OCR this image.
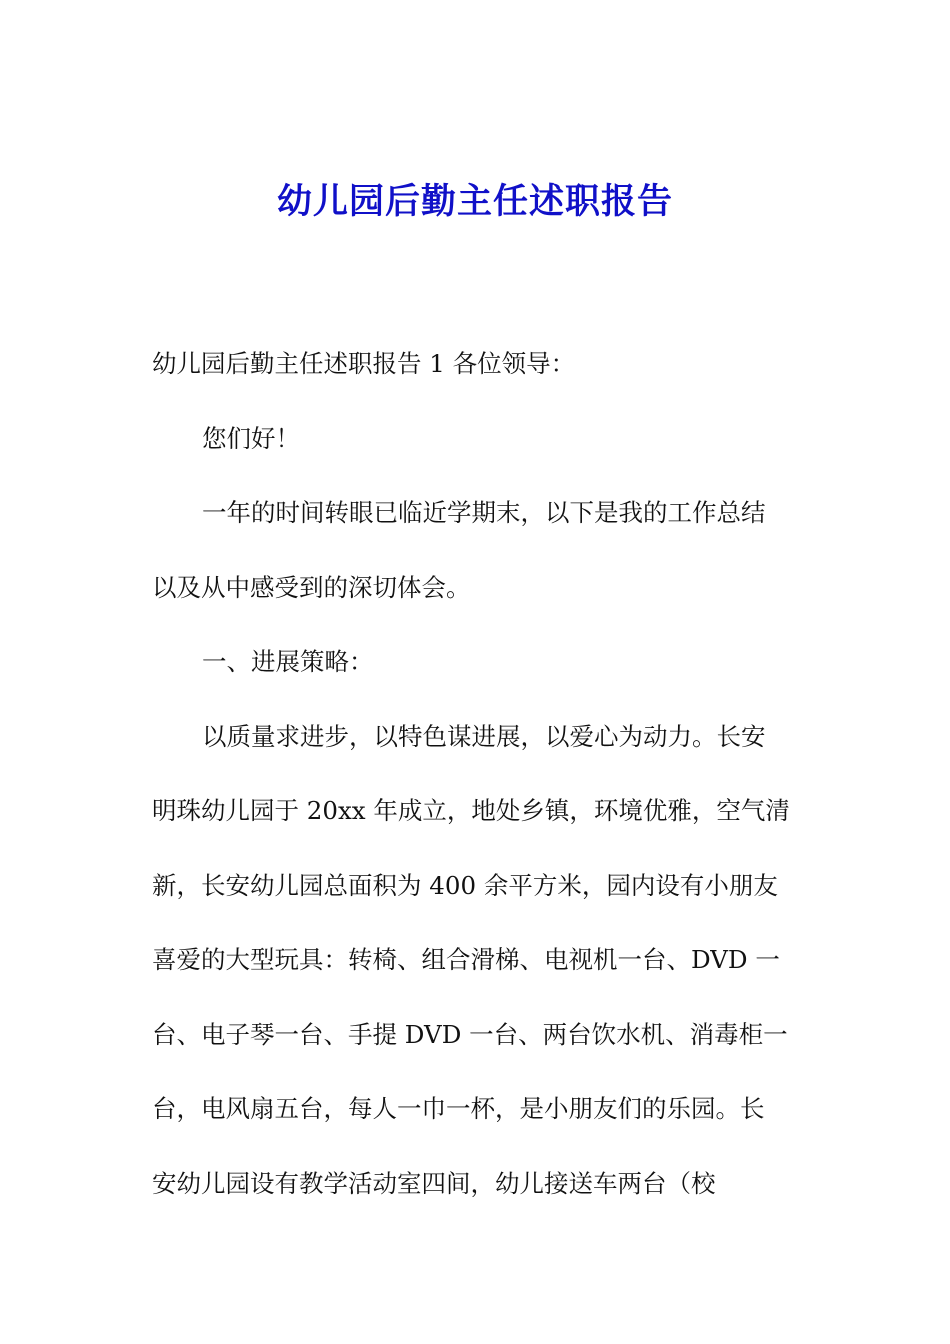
幼儿园后勤主任述职报告

幼儿园后勤主任述职报告 1 各位领导：

您们好！

一年的时间转眼已临近学期末，以下是我的工作总结

以及从中感受到的深切体会。

一、进展策略：

以质量求进步，以特色谋进展，以爱心为动力。长安

明珠幼儿园于 20xx 年成立，地处乡镇，环境优雅，空气清

新，长安幼儿园总面积为 400 余平方米，园内设有小朋友

喜爱的大型玩具：转椅、组合滑梯、电视机一台、DVD 一

台、电子琴一台、手提 DVD 一台、两台饮水机、消毒柜一

台，电风扇五台，每人一巾一杯，是小朋友们的乐园。长

安幼儿园设有教学活动室四间，幼儿接送车两台（校
